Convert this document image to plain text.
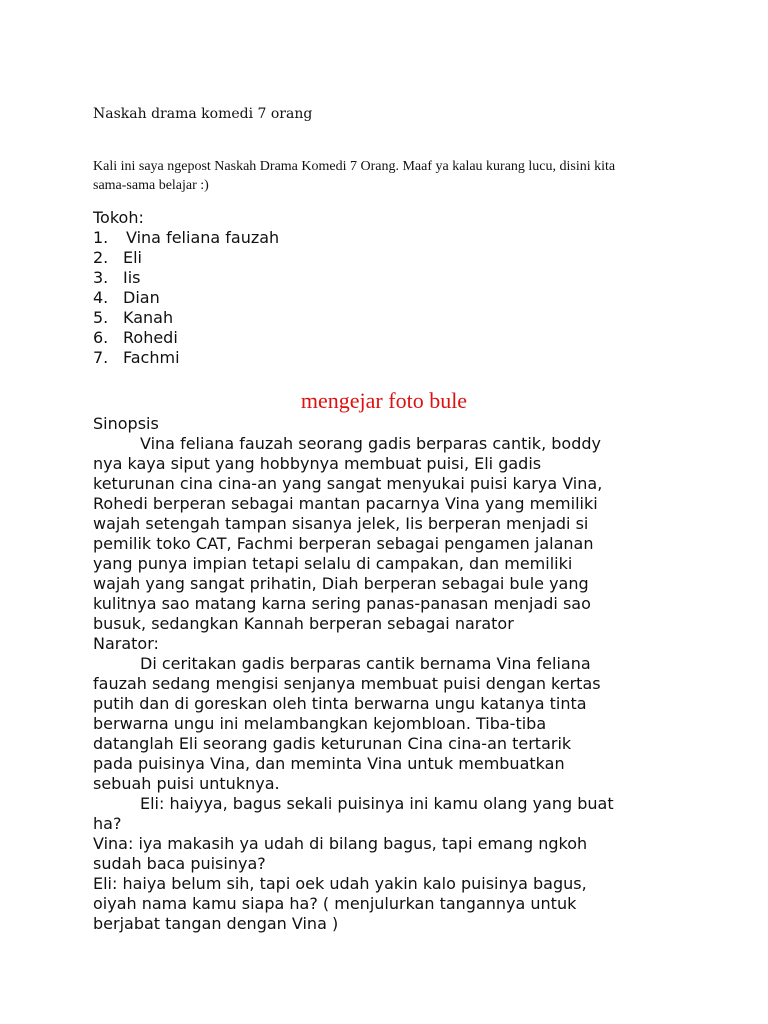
Naskah drama komedi 7 orang
Kali ini saya ngepost Naskah Drama Komedi 7 Orang. Maaf ya kalau kurang lucu, disini kita
sama-sama belajar :)
Tokoh:
1. Vina feliana fauzah
2. Eli
3. Iis
4. Dian
5. Kanah
6. Rohedi
7. Fachmi
mengejar foto bule
Sinopsis
Vina feliana fauzah seorang gadis berparas cantik, boddy
nya kaya siput yang hobbynya membuat puisi, Eli gadis
keturunan cina cina-an yang sangat menyukai puisi karya Vina,
Rohedi berperan sebagai mantan pacarnya Vina yang memiliki
wajah setengah tampan sisanya jelek, Iis berperan menjadi si
pemilik toko CAT, Fachmi berperan sebagai pengamen jalanan
yang punya impian tetapi selalu di campakan, dan memiliki
wajah yang sangat prihatin, Diah berperan sebagai bule yang
kulitnya sao matang karna sering panas-panasan menjadi sao
busuk, sedangkan Kannah berperan sebagai narator
Narator:
Di ceritakan gadis berparas cantik bernama Vina feliana
fauzah sedang mengisi senjanya membuat puisi dengan kertas
putih dan di goreskan oleh tinta berwarna ungu katanya tinta
berwarna ungu ini melambangkan kejombloan. Tiba-tiba
datanglah Eli seorang gadis keturunan Cina cina-an tertarik
pada puisinya Vina, dan meminta Vina untuk membuatkan
sebuah puisi untuknya.
Eli: haiyya, bagus sekali puisinya ini kamu olang yang buat
ha?
Vina: iya makasih ya udah di bilang bagus, tapi emang ngkoh
sudah baca puisinya?
Eli: haiya belum sih, tapi oek udah yakin kalo puisinya bagus,
oiyah nama kamu siapa ha? ( menjulurkan tangannya untuk
berjabat tangan dengan Vina )
